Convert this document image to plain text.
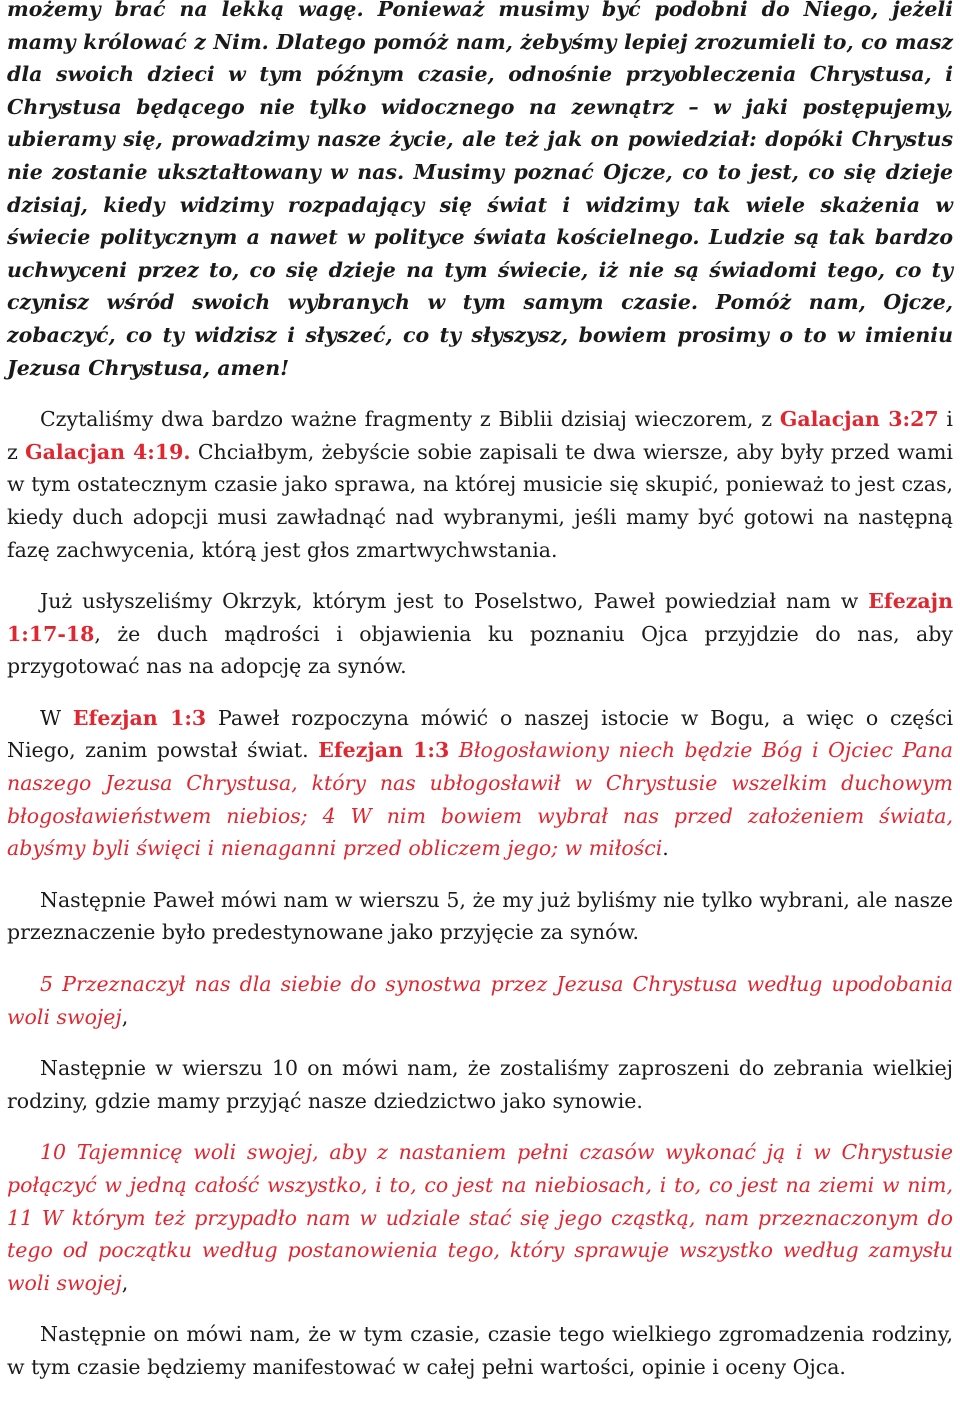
możemy brać na lekką wagę. Ponieważ musimy być podobni do Niego, jeżeli mamy królować z Nim. Dlatego pomóż nam, żebyśmy lepiej zrozumieli to, co masz dla swoich dzieci w tym późnym czasie, odnośnie przyobleczenia Chrystusa, i Chrystusa będącego nie tylko widocznego na zewnątrz – w jaki postępujemy, ubieramy się, prowadzimy nasze życie, ale też jak on powiedział: dopóki Chrystus nie zostanie ukształtowany w nas. Musimy poznać Ojcze, co to jest, co się dzieje dzisiaj, kiedy widzimy rozpadający się świat i widzimy tak wiele skażenia w świecie politycznym a nawet w polityce świata kościelnego. Ludzie są tak bardzo uchwyceni przez to, co się dzieje na tym świecie, iż nie są świadomi tego, co ty czynisz wśród swoich wybranych w tym samym czasie. Pomóż nam, Ojcze, zobaczyć, co ty widzisz i słyszeć, co ty słyszysz, bowiem prosimy o to w imieniu Jezusa Chrystusa, amen!

Czytaliśmy dwa bardzo ważne fragmenty z Biblii dzisiaj wieczorem, z Galacjan 3:27 i z Galacjan 4:19. Chciałbym, żebyście sobie zapisali te dwa wiersze, aby były przed wami w tym ostatecznym czasie jako sprawa, na której musicie się skupić, ponieważ to jest czas, kiedy duch adopcji musi zawładnąć nad wybranymi, jeśli mamy być gotowi na następną fazę zachwycenia, którą jest głos zmartwychwstania.

Już usłyszeliśmy Okrzyk, którym jest to Poselstwo, Paweł powiedział nam w Efezajn 1:17-18, że duch mądrości i objawienia ku poznaniu Ojca przyjdzie do nas, aby przygotować nas na adopcję za synów.

W Efezjan 1:3 Paweł rozpoczyna mówić o naszej istocie w Bogu, a więc o części Niego, zanim powstał świat. Efezjan 1:3 Błogosławiony niech będzie Bóg i Ojciec Pana naszego Jezusa Chrystusa, który nas ubłogosławił w Chrystusie wszelkim duchowym błogosławieństwem niebios; 4 W nim bowiem wybrał nas przed założeniem świata, abyśmy byli święci i nienaganni przed obliczem jego; w miłości.

Następnie Paweł mówi nam w wierszu 5, że my już byliśmy nie tylko wybrani, ale nasze przeznaczenie było predestynowane jako przyjęcie za synów.

5 Przeznaczył nas dla siebie do synostwa przez Jezusa Chrystusa według upodobania woli swojej,

Następnie w wierszu 10 on mówi nam, że zostaliśmy zaproszeni do zebrania wielkiej rodziny, gdzie mamy przyjąć nasze dziedzictwo jako synowie.

10 Tajemnicę woli swojej, aby z nastaniem pełni czasów wykonać ją i w Chrystusie połączyć w jedną całość wszystko, i to, co jest na niebiosach, i to, co jest na ziemi w nim, 11 W którym też przypadło nam w udziale stać się jego cząstką, nam przeznaczonym do tego od początku według postanowienia tego, który sprawuje wszystko według zamysłu woli swojej,

Następnie on mówi nam, że w tym czasie, czasie tego wielkiego zgromadzenia rodziny, w tym czasie będziemy manifestować w całej pełni wartości, opinie i oceny Ojca.
